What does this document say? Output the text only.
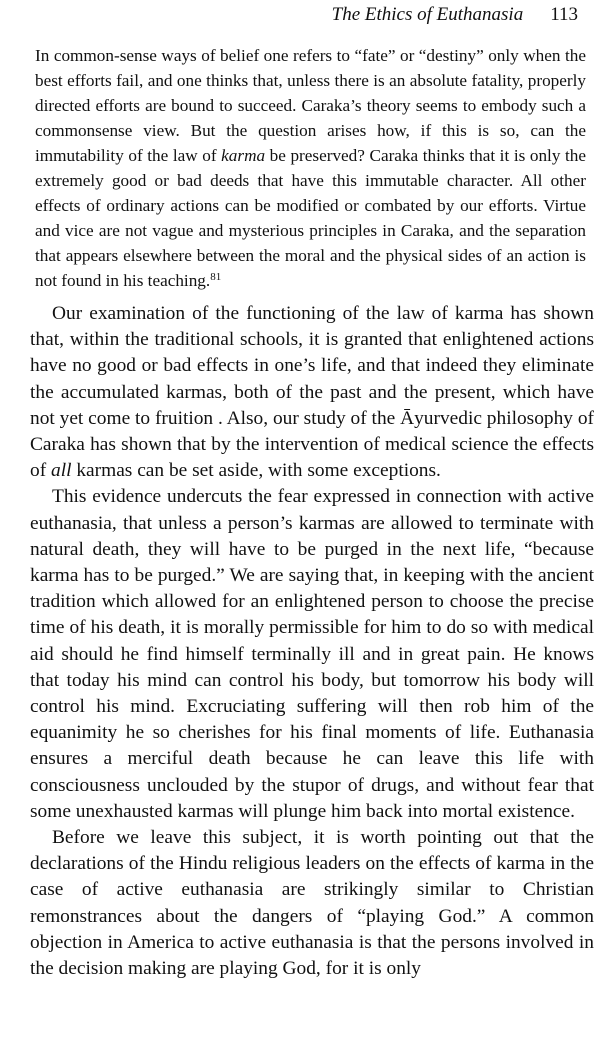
The Ethics of Euthanasia 113
In common-sense ways of belief one refers to “fate” or “destiny” only when the best efforts fail, and one thinks that, unless there is an absolute fatality, properly directed efforts are bound to succeed. Caraka’s theory seems to embody such a commonsense view. But the question arises how, if this is so, can the immutability of the law of karma be preserved? Caraka thinks that it is only the extremely good or bad deeds that have this immutable character. All other effects of ordinary actions can be modified or combated by our efforts. Virtue and vice are not vague and mysterious principles in Caraka, and the separation that appears elsewhere between the moral and the physical sides of an action is not found in his teaching.$^{81}$

Our examination of the functioning of the law of karma has shown that, within the traditional schools, it is granted that enlightened actions have no good or bad effects in one’s life, and that indeed they eliminate the accumulated karmas, both of the past and the present, which have not yet come to fruition . Also, our study of the Āyurvedic philosophy of Caraka has shown that by the intervention of medical science the effects of all karmas can be set aside, with some exceptions.

This evidence undercuts the fear expressed in connection with active euthanasia, that unless a person’s karmas are allowed to terminate with natural death, they will have to be purged in the next life, “because karma has to be purged.” We are saying that, in keeping with the ancient tradition which allowed for an enlightened person to choose the precise time of his death, it is morally permissible for him to do so with medical aid should he find himself terminally ill and in great pain. He knows that today his mind can control his body, but tomorrow his body will control his mind. Excruciating suffering will then rob him of the equanimity he so cherishes for his final moments of life. Euthanasia ensures a merciful death because he can leave this life with consciousness unclouded by the stupor of drugs, and without fear that some unexhausted karmas will plunge him back into mortal existence.

Before we leave this subject, it is worth pointing out that the declarations of the Hindu religious leaders on the effects of karma in the case of active euthanasia are strikingly similar to Christian remonstrances about the dangers of “playing God.” A common objection in America to active euthanasia is that the persons involved in the decision making are playing God, for it is only
